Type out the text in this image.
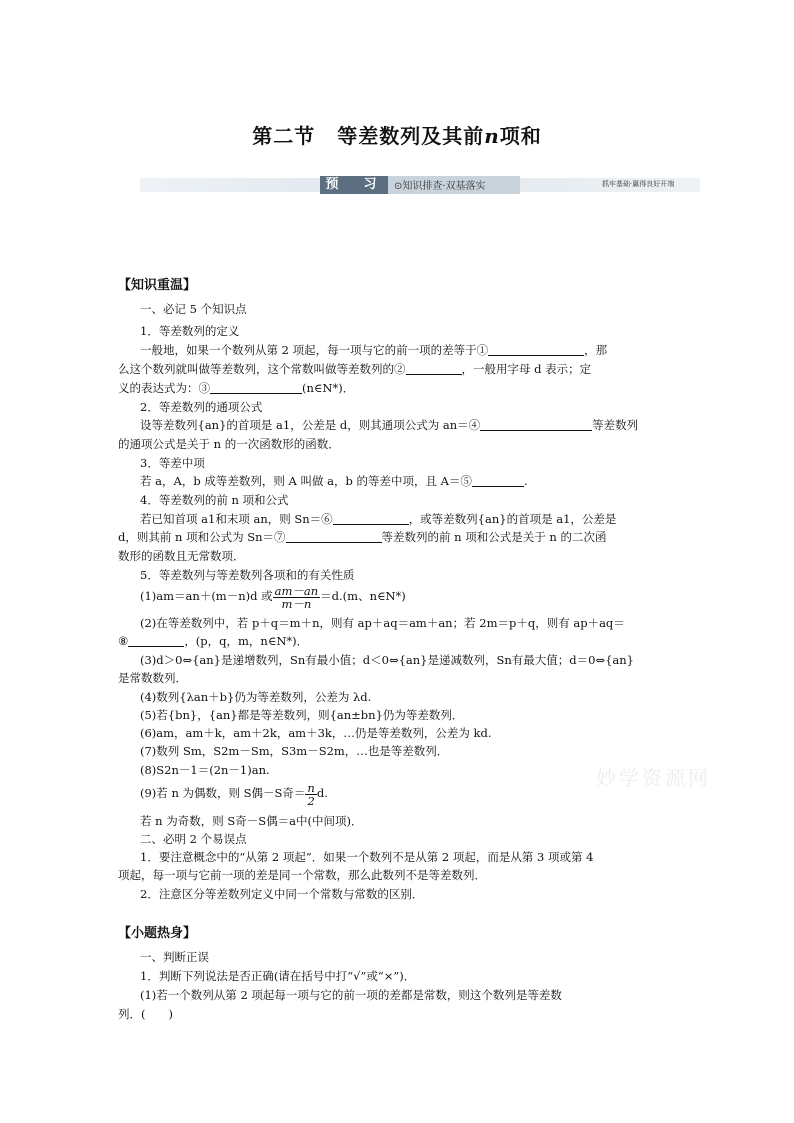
第二节 等差数列及其前n项和
预　习	⊙知识排查·双基落实	抓牢基础·赢得良好开端
【知识重温】
一、必记 5 个知识点
1．等差数列的定义
一般地，如果一个数列从第 2 项起，每一项与它的前一项的差等于①	，那
么这个数列就叫做等差数列，这个常数叫做等差数列的②	，一般用字母 d 表示；定
义的表达式为：③	(n∈N*)．
2．等差数列的通项公式
设等差数列{an}的首项是 a1，公差是 d，则其通项公式为 an＝④	等差数列
的通项公式是关于 n 的一次函数形的函数．
3．等差中项
若 a，A，b 成等差数列，则 A 叫做 a，b 的等差中项，且 A＝⑤	.
4．等差数列的前 n 项和公式
若已知首项 a1和末项 an，则 Sn＝⑥	，或等差数列{an}的首项是 a1，公差是
d，则其前 n 项和公式为 Sn＝⑦	等差数列的前 n 项和公式是关于 n 的二次函
数形的函数且无常数项．
5．等差数列与等差数列各项和的有关性质
(1)am＝an＋(m－n)d 或 $\frac{am-an}{m-n} =d.(m$、n∈N*)
(2)在等差数列中，若 p＋q＝m＋n，则有 ap＋aq＝am＋an；若 2m＝p＋q，则有 ap＋aq＝
⑧	，(p，q，m，n∈N*)．
(3)d＞0⇔{an}是递增数列，Sn有最小值；d＜0⇔{an}是递减数列，Sn有最大值；d＝0⇔{an}
是常数数列．
(4)数列{λan＋b}仍为等差数列，公差为 λd.
(5)若{bn}，{an}都是等差数列，则{an±bn}仍为等差数列．
(6)am，am＋k，am＋2k，am＋3k，…仍是等差数列，公差为 kd.
(7)数列 Sm，S2m－Sm，S3m－S2m，…也是等差数列．
(8)S2n－1＝(2n－1)an.
(9)若 n 为偶数，则 S偶－S奇＝ $\frac{n}{2} d$.
若 n 为奇数，则 S奇－S偶＝a中(中间项)．
二、必明 2 个易误点
1．要注意概念中的“从第 2 项起”．如果一个数列不是从第 2 项起，而是从第 3 项或第 4
项起，每一项与它前一项的差是同一个常数，那么此数列不是等差数列．
2．注意区分等差数列定义中同一个常数与常数的区别．
【小题热身】
一、判断正误
1．判断下列说法是否正确(请在括号中打“√”或“×”)．
(1)若一个数列从第 2 项起每一项与它的前一项的差都是常数，则这个数列是等差数
列．(　　)
妙学资源网
